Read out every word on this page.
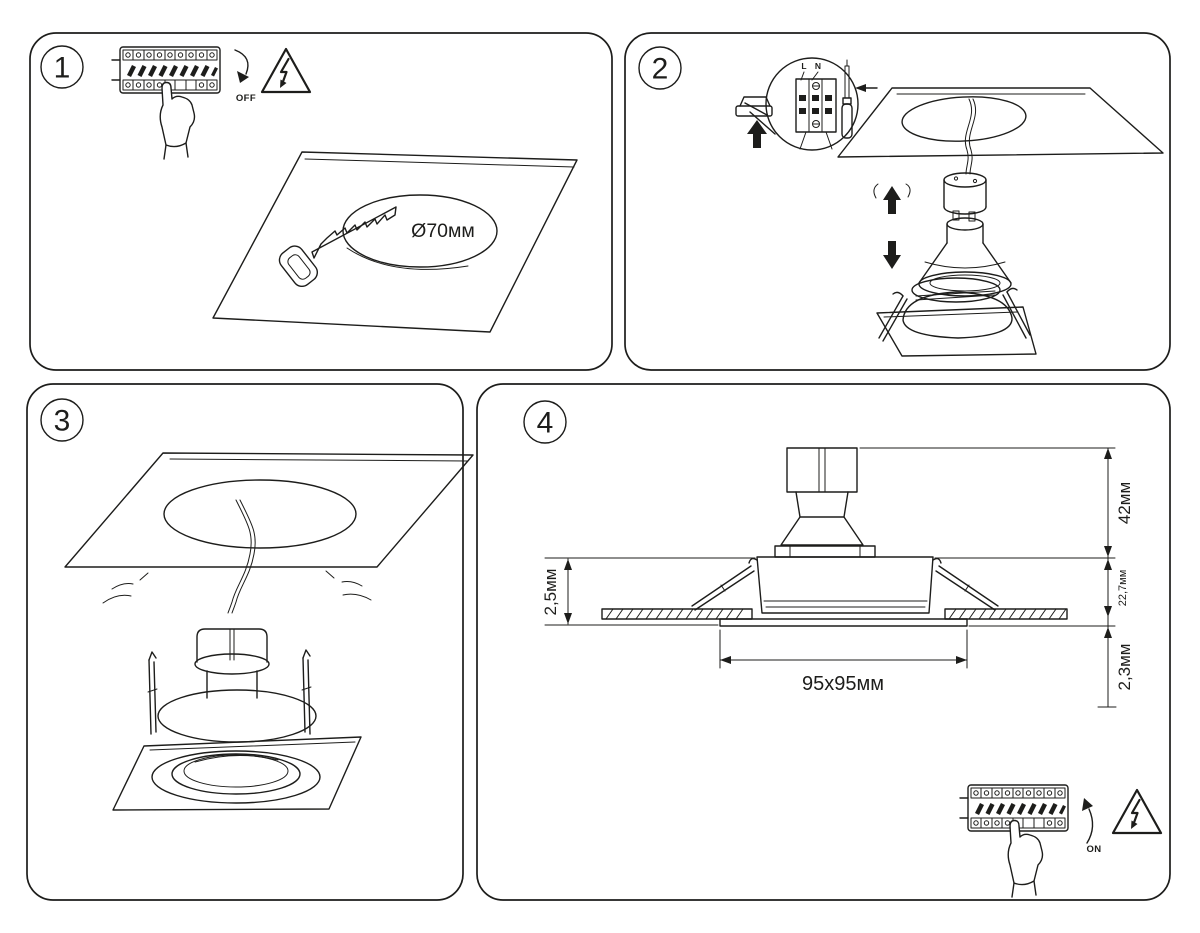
1
OFF
Ø70мм
2	L N
3	4
42мм
22,7мм
2,3мм
2,5мм
95x95мм
ON
